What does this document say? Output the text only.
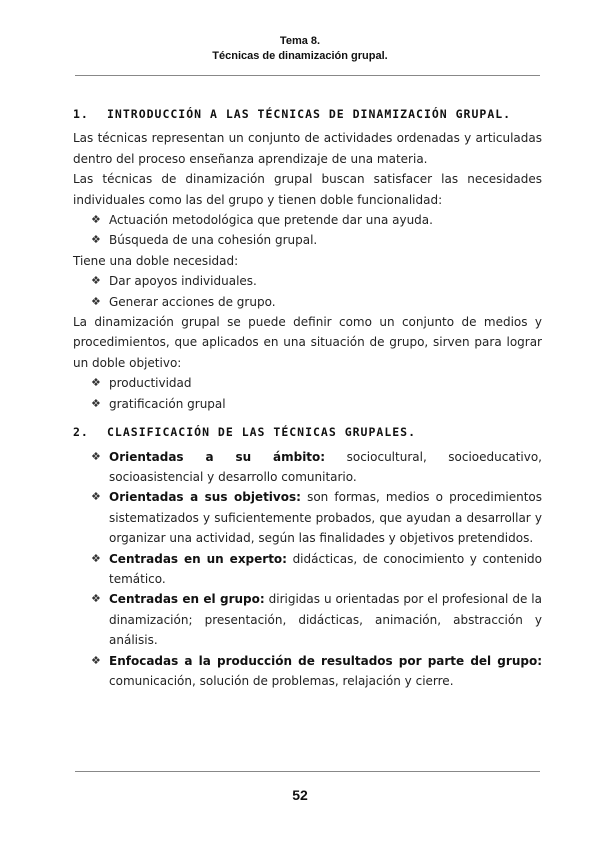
Tema 8.
Técnicas de dinamización grupal.
1. INTRODUCCIÓN A LAS TÉCNICAS DE DINAMIZACIÓN GRUPAL.

Las técnicas representan un conjunto de actividades ordenadas y articuladas dentro del proceso enseñanza aprendizaje de una materia.

Las técnicas de dinamización grupal buscan satisfacer las necesidades individuales como las del grupo y tienen doble funcionalidad:

❖ Actuación metodológica que pretende dar una ayuda.
❖ Búsqueda de una cohesión grupal.

Tiene una doble necesidad:

❖ Dar apoyos individuales.
❖ Generar acciones de grupo.

La dinamización grupal se puede definir como un conjunto de medios y procedimientos, que aplicados en una situación de grupo, sirven para lograr un doble objetivo:

❖ productividad
❖ gratificación grupal
2. CLASIFICACIÓN DE LAS TÉCNICAS GRUPALES.
❖ Orientadas a su ámbito: sociocultural, socioeducativo, socioasistencial y desarrollo comunitario.
❖ Orientadas a sus objetivos: son formas, medios o procedimientos sistematizados y suficientemente probados, que ayudan a desarrollar y organizar una actividad, según las finalidades y objetivos pretendidos.
❖ Centradas en un experto: didácticas, de conocimiento y contenido temático.
❖ Centradas en el grupo: dirigidas u orientadas por el profesional de la dinamización; presentación, didácticas, animación, abstracción y análisis.
❖ Enfocadas a la producción de resultados por parte del grupo: comunicación, solución de problemas, relajación y cierre.
52
